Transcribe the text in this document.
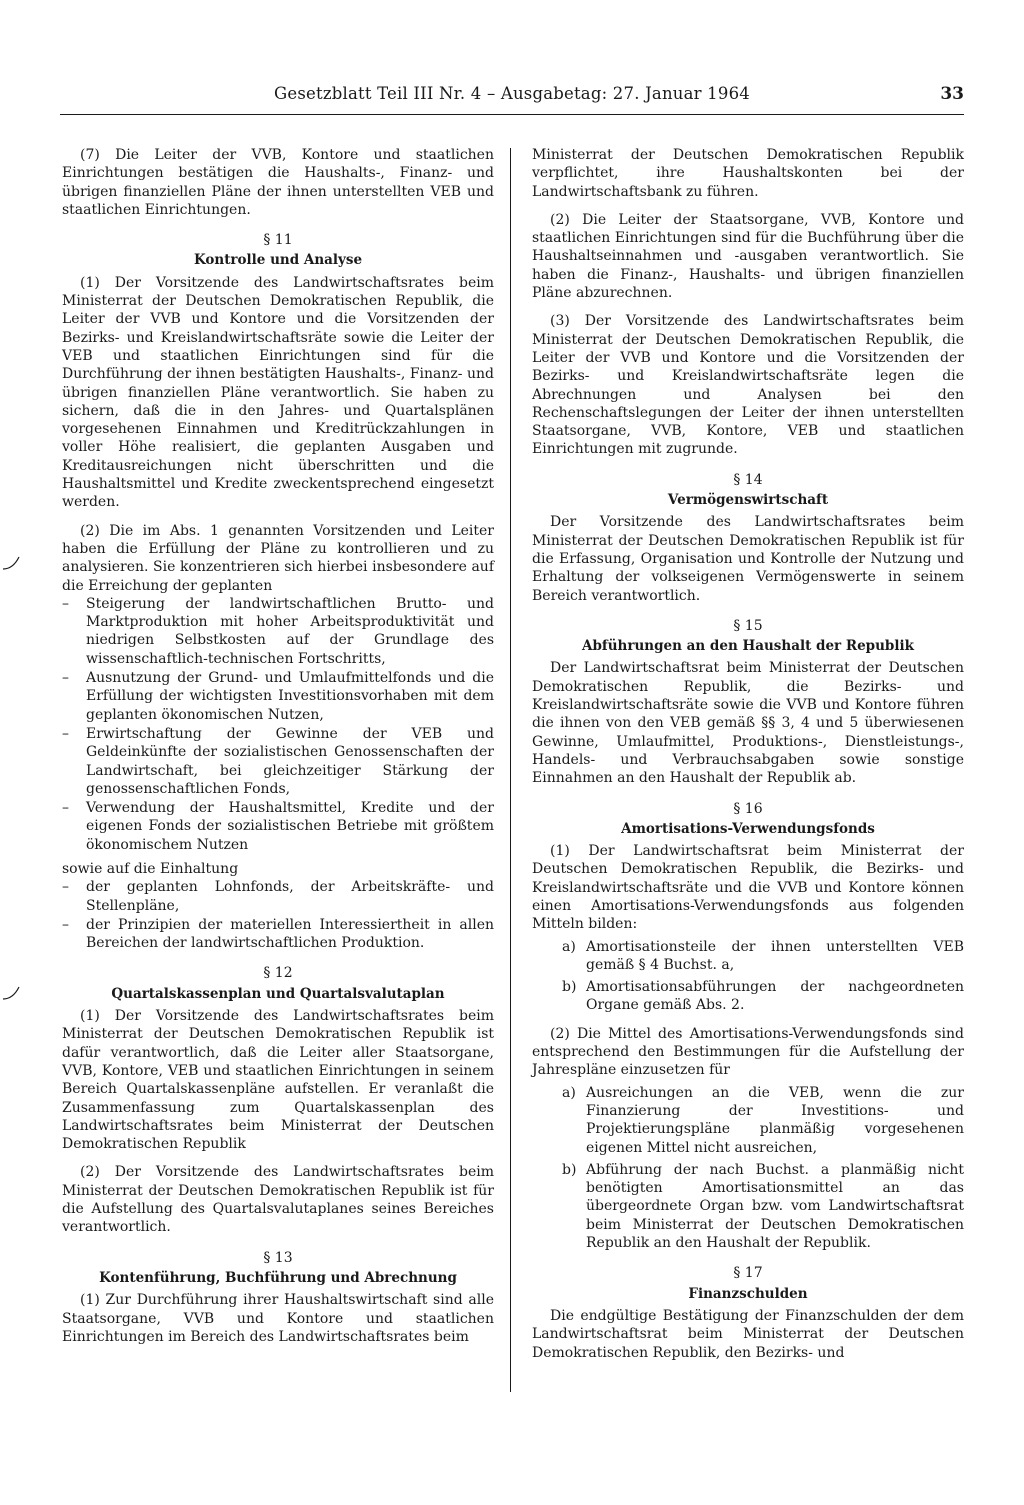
Gesetzblatt Teil III Nr. 4 – Ausgabetag: 27. Januar 1964	33

(7) Die Leiter der VVB, Kontore und staatlichen Einrichtungen bestätigen die Haushalts-, Finanz- und übrigen finanziellen Pläne der ihnen unterstellten VEB und staatlichen Einrichtungen.

§ 11
Kontrolle und Analyse

(1) Der Vorsitzende des Landwirtschaftsrates beim Ministerrat der Deutschen Demokratischen Republik, die Leiter der VVB und Kontore und die Vorsitzenden der Bezirks- und Kreislandwirtschaftsräte sowie die Leiter der VEB und staatlichen Einrichtungen sind für die Durchführung der ihnen bestätigten Haushalts-, Finanz- und übrigen finanziellen Pläne verantwortlich. Sie haben zu sichern, daß die in den Jahres- und Quartalsplänen vorgesehenen Einnahmen und Kreditrückzahlungen in voller Höhe realisiert, die geplanten Ausgaben und Kreditausreichungen nicht überschritten und die Haushaltsmittel und Kredite zweckentsprechend eingesetzt werden.

(2) Die im Abs. 1 genannten Vorsitzenden und Leiter haben die Erfüllung der Pläne zu kontrollieren und zu analysieren. Sie konzentrieren sich hierbei insbesondere auf die Erreichung der geplanten

– Steigerung der landwirtschaftlichen Brutto- und Marktproduktion mit hoher Arbeitsproduktivität und niedrigen Selbstkosten auf der Grundlage des wissenschaftlich-technischen Fortschritts,
– Ausnutzung der Grund- und Umlaufmittelfonds und die Erfüllung der wichtigsten Investitionsvorhaben mit dem geplanten ökonomischen Nutzen,
– Erwirtschaftung der Gewinne der VEB und Geldeinkünfte der sozialistischen Genossenschaften der Landwirtschaft, bei gleichzeitiger Stärkung der genossenschaftlichen Fonds,
– Verwendung der Haushaltsmittel, Kredite und der eigenen Fonds der sozialistischen Betriebe mit größtem ökonomischem Nutzen

sowie auf die Einhaltung

– der geplanten Lohnfonds, der Arbeitskräfte- und Stellenpläne,
– der Prinzipien der materiellen Interessiertheit in allen Bereichen der landwirtschaftlichen Produktion.
§ 12
Quartalskassenplan und Quartalsvalutaplan

(1) Der Vorsitzende des Landwirtschaftsrates beim Ministerrat der Deutschen Demokratischen Republik ist dafür verantwortlich, daß die Leiter aller Staatsorgane, VVB, Kontore, VEB und staatlichen Einrichtungen in seinem Bereich Quartalskassenpläne aufstellen. Er veranlaßt die Zusammenfassung zum Quartalskassenplan des Landwirtschaftsrates beim Ministerrat der Deutschen Demokratischen Republik

(2) Der Vorsitzende des Landwirtschaftsrates beim Ministerrat der Deutschen Demokratischen Republik ist für die Aufstellung des Quartalsvalutaplanes seines Bereiches verantwortlich.

§ 13
Kontenführung, Buchführung und Abrechnung

(1) Zur Durchführung ihrer Haushaltswirtschaft sind alle Staatsorgane, VVB und Kontore und staatlichen Einrichtungen im Bereich des Landwirtschaftsrates beim

Ministerrat der Deutschen Demokratischen Republik verpflichtet, ihre Haushaltskonten bei der Landwirtschaftsbank zu führen.

(2) Die Leiter der Staatsorgane, VVB, Kontore und staatlichen Einrichtungen sind für die Buchführung über die Haushaltseinnahmen und -ausgaben verantwortlich. Sie haben die Finanz-, Haushalts- und übrigen finanziellen Pläne abzurechnen.

(3) Der Vorsitzende des Landwirtschaftsrates beim Ministerrat der Deutschen Demokratischen Republik, die Leiter der VVB und Kontore und die Vorsitzenden der Bezirks- und Kreislandwirtschaftsräte legen die Abrechnungen und Analysen bei den Rechenschaftslegungen der Leiter der ihnen unterstellten Staatsorgane, VVB, Kontore, VEB und staatlichen Einrichtungen mit zugrunde.

§ 14
Vermögenswirtschaft

Der Vorsitzende des Landwirtschaftsrates beim Ministerrat der Deutschen Demokratischen Republik ist für die Erfassung, Organisation und Kontrolle der Nutzung und Erhaltung der volkseigenen Vermögenswerte in seinem Bereich verantwortlich.

§ 15
Abführungen an den Haushalt der Republik

Der Landwirtschaftsrat beim Ministerrat der Deutschen Demokratischen Republik, die Bezirks- und Kreislandwirtschaftsräte sowie die VVB und Kontore führen die ihnen von den VEB gemäß §§ 3, 4 und 5 überwiesenen Gewinne, Umlaufmittel, Produktions-, Dienstleistungs-, Handels- und Verbrauchsabgaben sowie sonstige Einnahmen an den Haushalt der Republik ab.

§ 16
Amortisations-Verwendungsfonds

(1) Der Landwirtschaftsrat beim Ministerrat der Deutschen Demokratischen Republik, die Bezirks- und Kreislandwirtschaftsräte und die VVB und Kontore können einen Amortisations-Verwendungsfonds aus folgenden Mitteln bilden:

a) Amortisationsteile der ihnen unterstellten VEB gemäß § 4 Buchst. a,
b) Amortisationsabführungen der nachgeordneten Organe gemäß Abs. 2.

(2) Die Mittel des Amortisations-Verwendungsfonds sind entsprechend den Bestimmungen für die Aufstellung der Jahrespläne einzusetzen für

a) Ausreichungen an die VEB, wenn die zur Finanzierung der Investitions- und Projektierungspläne planmäßig vorgesehenen eigenen Mittel nicht ausreichen,
b) Abführung der nach Buchst. a planmäßig nicht benötigten Amortisationsmittel an das übergeordnete Organ bzw. vom Landwirtschaftsrat beim Ministerrat der Deutschen Demokratischen Republik an den Haushalt der Republik.
§ 17
Finanzschulden

Die endgültige Bestätigung der Finanzschulden der dem Landwirtschaftsrat beim Ministerrat der Deutschen Demokratischen Republik, den Bezirks- und
